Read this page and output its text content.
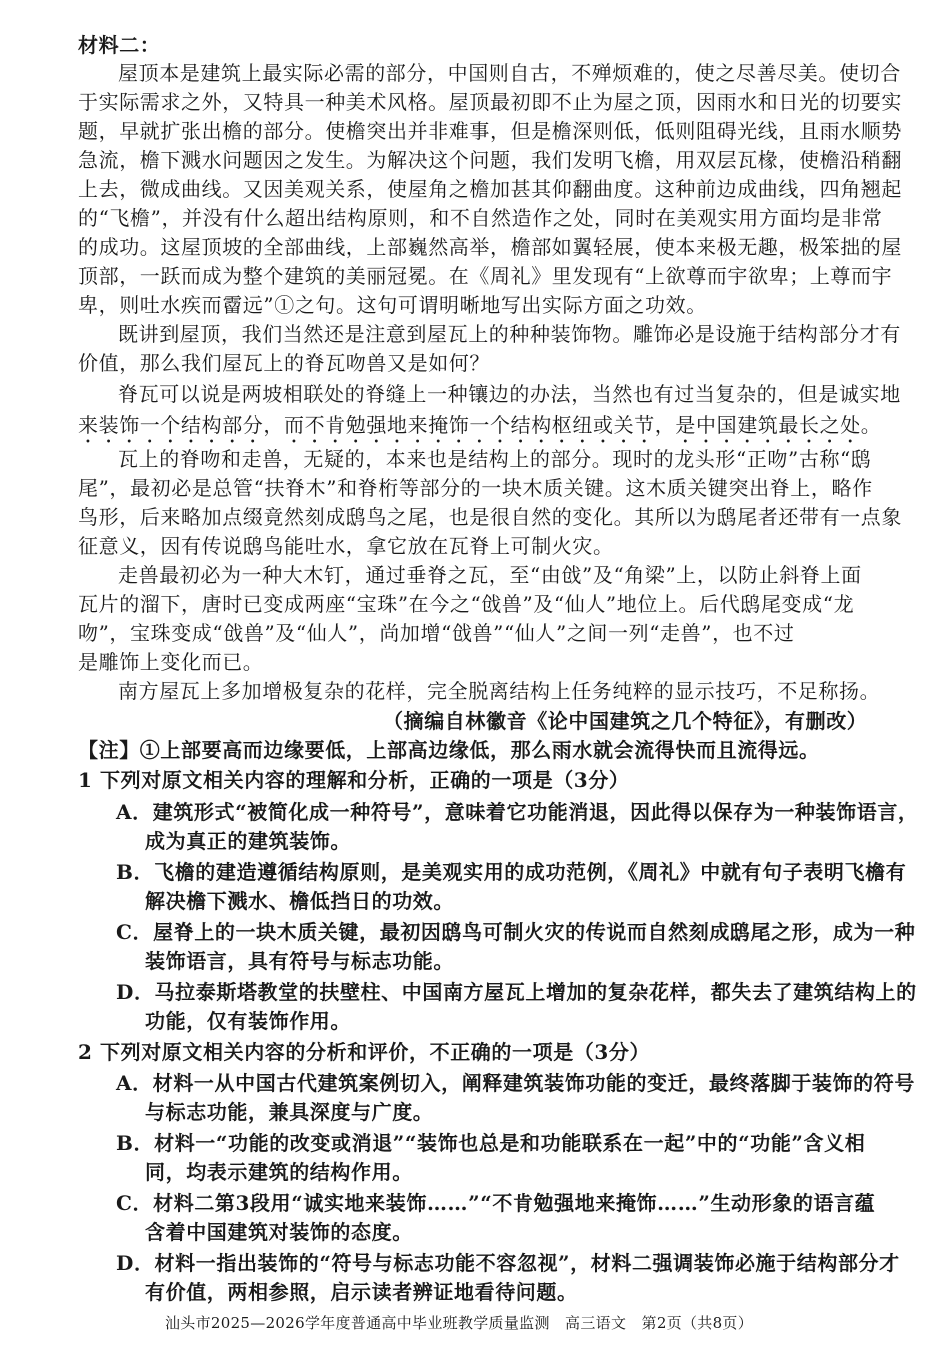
材料二：
屋顶本是建筑上最实际必需的部分，中国则自古，不殚烦难的，使之尽善尽美。使切合
于实际需求之外，又特具一种美术风格。屋顶最初即不止为屋之顶，因雨水和日光的切要实
题，早就扩张出檐的部分。使檐突出并非难事，但是檐深则低，低则阻碍光线，且雨水顺势
急流，檐下溅水问题因之发生。为解决这个问题，我们发明飞檐，用双层瓦椽，使檐沿稍翻
上去，微成曲线。又因美观关系，使屋角之檐加甚其仰翻曲度。这种前边成曲线，四角翘起
的“飞檐”，并没有什么超出结构原则，和不自然造作之处，同时在美观实用方面均是非常
的成功。这屋顶坡的全部曲线，上部巍然高举，檐部如翼轻展，使本来极无趣，极笨拙的屋
顶部，一跃而成为整个建筑的美丽冠冕。在《周礼》里发现有“上欲尊而宇欲卑；上尊而宇
卑，则吐水疾而霤远”①之句。这句可谓明晰地写出实际方面之功效。
既讲到屋顶，我们当然还是注意到屋瓦上的种种装饰物。雕饰必是设施于结构部分才有
价值，那么我们屋瓦上的脊瓦吻兽又是如何？
脊瓦可以说是两坡相联处的脊缝上一种镶边的办法，当然也有过当复杂的，但是诚实地
来装饰一个结构部分，而不肯勉强地来掩饰一个结构枢纽或关节，是中国建筑最长之处。
瓦上的脊吻和走兽，无疑的，本来也是结构上的部分。现时的龙头形“正吻”古称“鸱
尾”，最初必是总管“扶脊木”和脊桁等部分的一块木质关键。这木质关键突出脊上，略作
鸟形，后来略加点缀竟然刻成鸱鸟之尾，也是很自然的变化。其所以为鸱尾者还带有一点象
征意义，因有传说鸱鸟能吐水，拿它放在瓦脊上可制火灾。
走兽最初必为一种大木钉，通过垂脊之瓦，至“由戗”及“角梁”上，以防止斜脊上面
瓦片的溜下，唐时已变成两座“宝珠”在今之“戗兽”及“仙人”地位上。后代鸱尾变成“龙
吻”，宝珠变成“戗兽”及“仙人”，尚加增“戗兽”“仙人”之间一列“走兽”，也不过
是雕饰上变化而已。
南方屋瓦上多加增极复杂的花样，完全脱离结构上任务纯粹的显示技巧，不足称扬。
（摘编自林徽音《论中国建筑之几个特征》，有删改）
【注】①上部要高而边缘要低，上部高边缘低，那么雨水就会流得快而且流得远。
1 下列对原文相关内容的理解和分析，正确的一项是（3分）
A．建筑形式“被简化成一种符号”，意味着它功能消退，因此得以保存为一种装饰语言，
成为真正的建筑装饰。
B．飞檐的建造遵循结构原则，是美观实用的成功范例，《周礼》中就有句子表明飞檐有
解决檐下溅水、檐低挡日的功效。
C．屋脊上的一块木质关键，最初因鸱鸟可制火灾的传说而自然刻成鸱尾之形，成为一种
装饰语言，具有符号与标志功能。
D．马拉泰斯塔教堂的扶壁柱、中国南方屋瓦上增加的复杂花样，都失去了建筑结构上的
功能，仅有装饰作用。
2 下列对原文相关内容的分析和评价，不正确的一项是（3分）
A．材料一从中国古代建筑案例切入，阐释建筑装饰功能的变迁，最终落脚于装饰的符号
与标志功能，兼具深度与广度。
B．材料一“功能的改变或消退”“装饰也总是和功能联系在一起”中的“功能”含义相
同，均表示建筑的结构作用。
C．材料二第3段用“诚实地来装饰……”“不肯勉强地来掩饰……”生动形象的语言蕴
含着中国建筑对装饰的态度。
D．材料一指出装饰的“符号与标志功能不容忽视”，材料二强调装饰必施于结构部分才
有价值，两相参照，启示读者辨证地看待问题。
汕头市2025—2026学年度普通高中毕业班教学质量监测　高三语文　第2页（共8页）
